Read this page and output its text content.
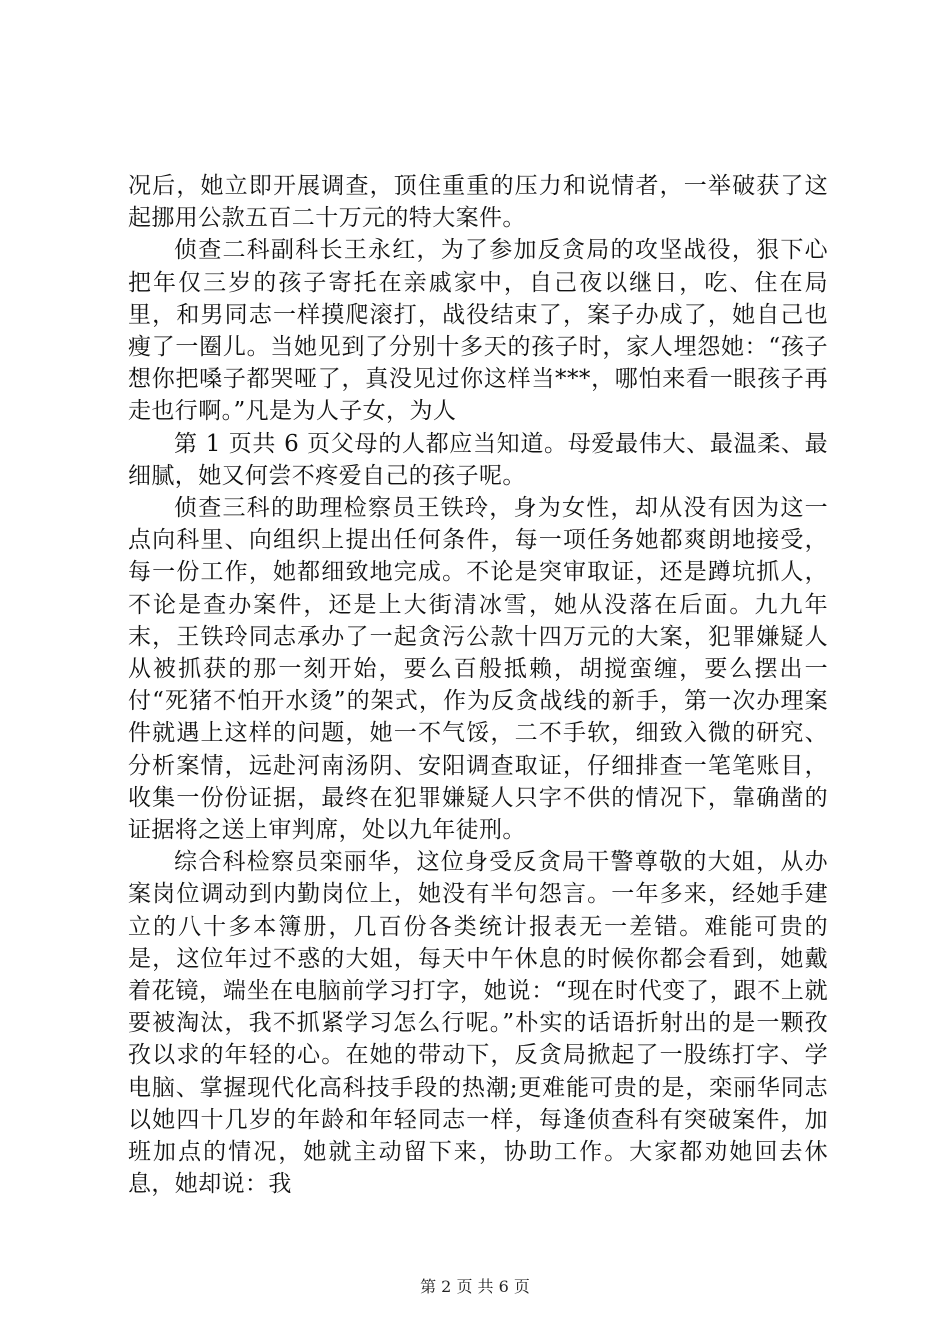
况后，她立即开展调查，顶住重重的压力和说情者，一举破获了这起挪用公款五百二十万元的特大案件。

侦查二科副科长王永红，为了参加反贪局的攻坚战役，狠下心把年仅三岁的孩子寄托在亲戚家中，自己夜以继日，吃、住在局里，和男同志一样摸爬滚打，战役结束了，案子办成了，她自己也瘦了一圈儿。当她见到了分别十多天的孩子时，家人埋怨她：“孩子想你把嗓子都哭哑了，真没见过你这样当***，哪怕来看一眼孩子再走也行啊。”凡是为人子女，为人

第 1 页共 6 页父母的人都应当知道。母爱最伟大、最温柔、最细腻，她又何尝不疼爱自己的孩子呢。

侦查三科的助理检察员王铁玲，身为女性，却从没有因为这一点向科里、向组织上提出任何条件，每一项任务她都爽朗地接受，每一份工作，她都细致地完成。不论是突审取证，还是蹲坑抓人，不论是查办案件，还是上大街清冰雪，她从没落在后面。九九年末，王铁玲同志承办了一起贪污公款十四万元的大案，犯罪嫌疑人从被抓获的那一刻开始，要么百般抵赖，胡搅蛮缠，要么摆出一付“死猪不怕开水烫”的架式，作为反贪战线的新手，第一次办理案件就遇上这样的问题，她一不气馁，二不手软，细致入微的研究、分析案情，远赴河南汤阴、安阳调查取证，仔细排查一笔笔账目，收集一份份证据，最终在犯罪嫌疑人只字不供的情况下，靠确凿的证据将之送上审判席，处以九年徒刑。

综合科检察员栾丽华，这位身受反贪局干警尊敬的大姐，从办案岗位调动到内勤岗位上，她没有半句怨言。一年多来，经她手建立的八十多本簿册，几百份各类统计报表无一差错。难能可贵的是，这位年过不惑的大姐，每天中午休息的时候你都会看到，她戴着花镜，端坐在电脑前学习打字，她说：“现在时代变了，跟不上就要被淘汰，我不抓紧学习怎么行呢。”朴实的话语折射出的是一颗孜孜以求的年轻的心。在她的带动下，反贪局掀起了一股练打字、学电脑、掌握现代化高科技手段的热潮;更难能可贵的是，栾丽华同志以她四十几岁的年龄和年轻同志一样，每逢侦查科有突破案件，加班加点的情况，她就主动留下来，协助工作。大家都劝她回去休息，她却说：我

第 2 页 共 6 页
